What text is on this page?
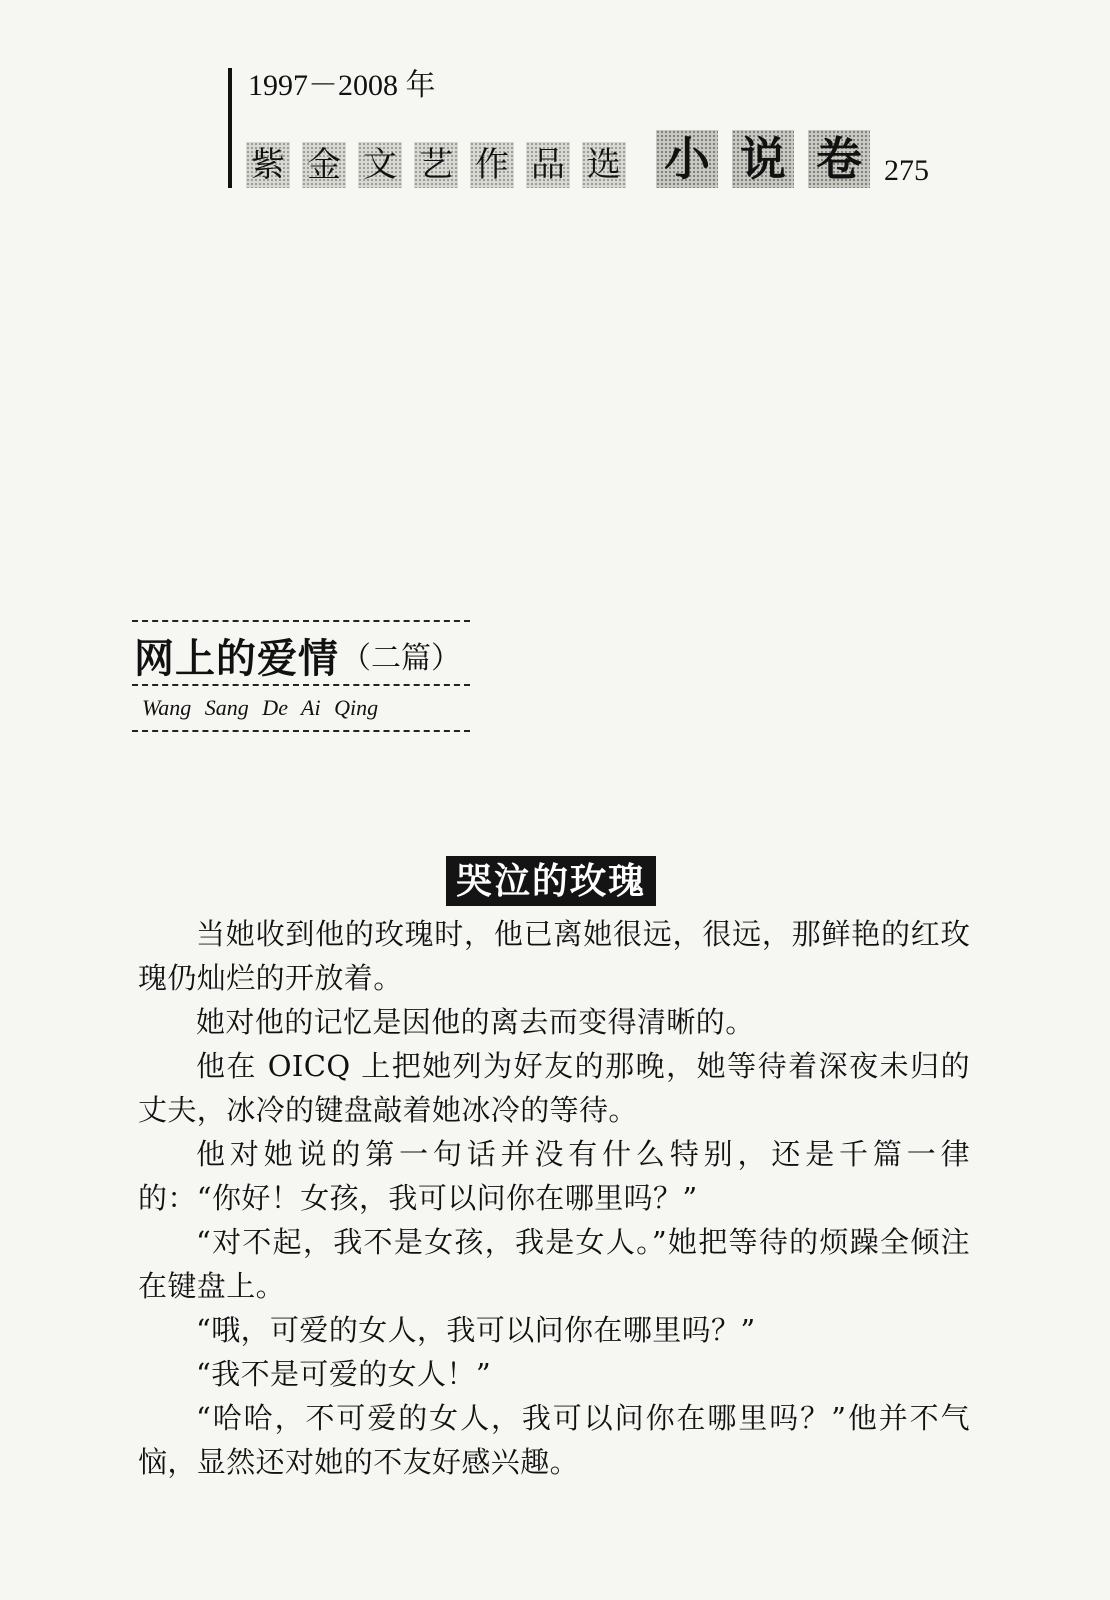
1997－2008 年
紫 金 文 艺 作 品 选 小 说 卷 275
网上的爱情 （二篇）
Wang Sang De Ai Qing
哭泣的玫瑰

当她收到他的玫瑰时，他已离她很远，很远，那鲜艳的红玫瑰仍灿烂的开放着。

她对他的记忆是因他的离去而变得清晰的。

他在 OICQ 上把她列为好友的那晚，她等待着深夜未归的丈夫，冰冷的键盘敲着她冰冷的等待。

他对她说的第一句话并没有什么特别，还是千篇一律的：“你好！女孩，我可以问你在哪里吗？”

“对不起，我不是女孩，我是女人。”她把等待的烦躁全倾注在键盘上。

“哦，可爱的女人，我可以问你在哪里吗？”

“我不是可爱的女人！”

“哈哈，不可爱的女人，我可以问你在哪里吗？”他并不气恼，显然还对她的不友好感兴趣。
